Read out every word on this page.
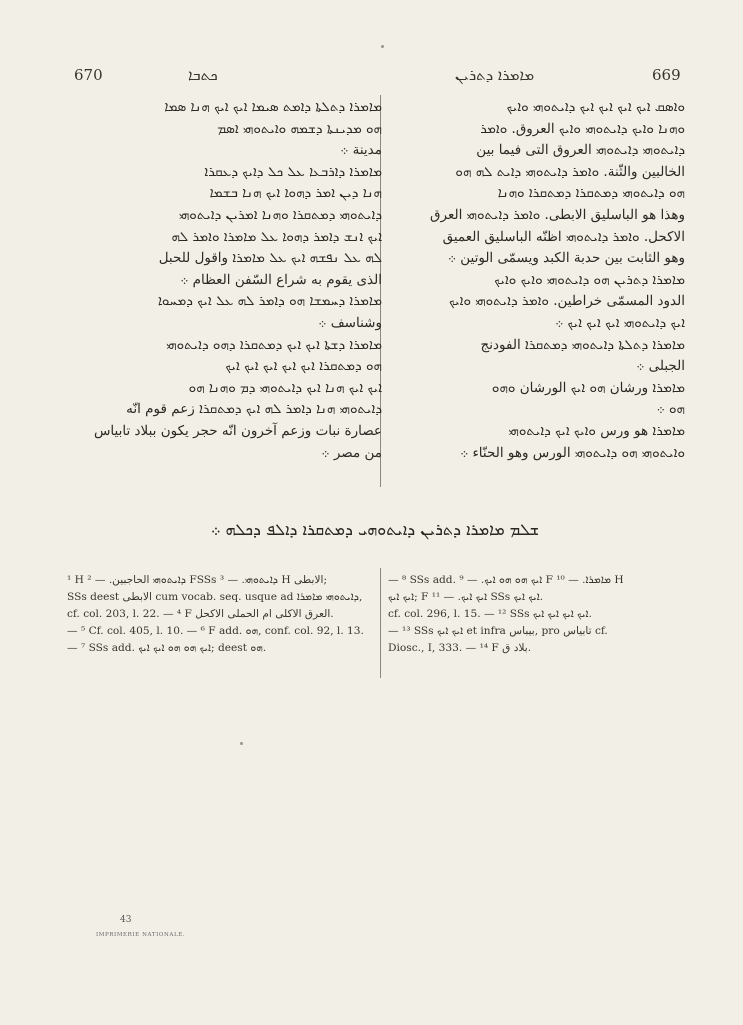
670	ܟܬܒܐ	ܡܐܡܪܐ ܕܬܪܝܢ	669

ܡܐܡܪܐ ܕܬܠܬܐ ܕܐܡܬ ܣܝܡܐ ܐܝܟ ܐܝܟ ܗܢܐ ܣܡܐ

ܗܘ ܡܕܝܢܬܐ ܕܫܡܗ ܘܐܝܬܘܗܝ ܐܣܡ

مدينة ܀

ܡܐܡܪܐ ܕܐܪܒܥܐ ܥܠ ܟܠ ܕܐܝܟ ܕܥܩܪܐ

ܗܢܐ ܕܝܢ ܐܡܪ ܕܗܘܐ ܐܝܟ ܗܢܐ ܒܫܡܐ

ܕܐܝܬܘܗܝ ܕܡܬܩܪܐ ܘܗܢܐ ܐܡܪܝܢ ܕܐܝܬܘܗܝ

ܐܝܟ ܐܢܫ ܕܐܡܪ ܕܗܘܐ ܥܠ ܡܐܡܪܐ ܘܐܡܪ ܠܗ

ܠܗ ܥܠ ܢܦܫܗ ܐܝܟ ܥܠ ܡܐܡܪܐ واقول للحبل

الذى يقوم به شراع السّفن العظام ܀

ܡܐܡܪܐ ܕܚܡܫܐ ܗܘ ܕܐܡܪ ܠܗ ܥܠ ܐܝܟ ܕܡܚܘܐ

وشناسف ܀

ܡܐܡܪܐ ܕܫܬܐ ܐܝܟ ܐܝܟ ܕܡܬܩܪܐ ܕܗܘ ܕܐܝܬܘܗܝ

ܗܘ ܕܡܬܩܪܐ ܐܝܟ ܐܝܟ ܐܝܟ ܐܝܟ ܐܝܟ

ܐܝܟ ܐܝܟ ܗܢܐ ܐܝܟ ܕܐܝܬܘܗܝ ܕܡ ܘܗܢܐ ܗܘ

ܕܐܝܬܘܗܝ ܗܢܐ ܕܐܡܪ ܠܗ ܐܝܟ ܕܡܬܩܪܐ زعم قوم انّه

عصارة نبات وزعم آخرون انّه حجر يكون ببلاد تابياس

من مصر ܀

ܘܐܣܩ ܐܝܟ ܐܝܟ ܐܝܟ ܐܝܟ ܕܐܝܬܘܗܝ ܘܐܝܟ

ܘܗܢܐ ܘܐܝܟ ܕܐܝܬܘܗܝ ܘܐܝܟ العروق. ܘܐܡܪ

ܕܐܝܬܘܗܝ ܕܐܝܬܘܗܝ العروق التى فيما بين

الخالبين والثّنة. ܘܐܡܪ ܕܐܝܬܘܗܝ ܕܐܝܬ ܠܗ ܗܘ

ܗܘ ܕܐܝܬܘܗܝ ܕܡܬܩܪܐ ܕܡܬܩܪܐ ܘܗܢܐ

وهذا هو الباسليق الابطى. ܘܐܡܪ ܕܐܝܬܘܗܝ العرق

الاكحل. ܘܐܡܪ ܕܐܝܬܘܗܝ اظنّه الباسليق العميق

وهو الثابت بين حدبة الكبد ويسمّى الوتين ܀

ܡܐܡܪܐ ܕܬܪܝܢ ܗܘ ܕܐܝܬܘܗܝ ܘܐܝܟ ܘܐܝܟ

الدود المسمّى خراطين. ܘܐܡܪ ܕܐܝܬܘܗܝ ܘܐܝܟ

ܐܝܟ ܕܐܝܬܘܗܝ ܐܝܟ ܐܝܟ ܐܝܟ ܀

ܡܐܡܪܐ ܕܬܠܬܐ ܕܐܝܬܘܗܝ ܕܡܬܩܪܐ الفودنج

الجبلى ܀

ܡܐܡܪܐ ورشان ܗܘ ܐܝܟ الورشان ܘܗܘ

ܗܘ ܀

ܡܐܡܪܐ هو ورس ܘܐܝܟ ܐܝܟ ܕܐܝܬܘܗܝ

ܘܐܝܬܘܗܝ ܗܘ ܕܐܝܬܘܗܝ الورس وهو الحنّاء ܀

ܫܠܡ ܡܐܡܪܐ ܕܬܪܝܢ ܕܐܝܬܘܗܝ ܕܡܬܩܪܐ ܕܐܠܦ ܕܟܠܗ ܀

¹ H ܕܐܝܬܘܗܝ الحاجبين. — ² FSSs ܕܐܝܬܘܗܝ. — ³ H الابطى;

SSs deest الابطى cum vocab. seq. usque ad ܕܐܝܬܘܗܝ ܡܐܡܪܐ,

cf. col. 203, l. 22. — ⁴ F العرق الاكلى ام الحملى الاكحل.

— ⁵ Cf. col. 405, l. 10. — ⁶ F add. ܗܘ, conf. col. 92, l. 13.

— ⁷ SSs add. ܐܝܟ ܗܘ ܗܘ ܐܝܟ ܐܝܟ; deest ܗܘ.

— ⁸ SSs add. ܐܝܟ ܗܘ ܗܘ ܐܝܟ. — ⁹ F ܡܐܡܪܐ. — ¹⁰ H

ܐܝܟ ܐܝܟ; F ܐܝܟ ܐܝܟ. — ¹¹ SSs ܐܝܟ ܐܝܟ.

cf. col. 296, l. 15. — ¹² SSs ܐܝܟ ܐܝܟ ܐܝܟ ܐܝܟ.

— ¹³ SSs ܐܝܟ ܐܝܟ et infra بيباس, pro تابياس cf.

Diosc., I, 333. — ¹⁴ F بلاد ق.

43
IMPRIMERIE NATIONALE.
